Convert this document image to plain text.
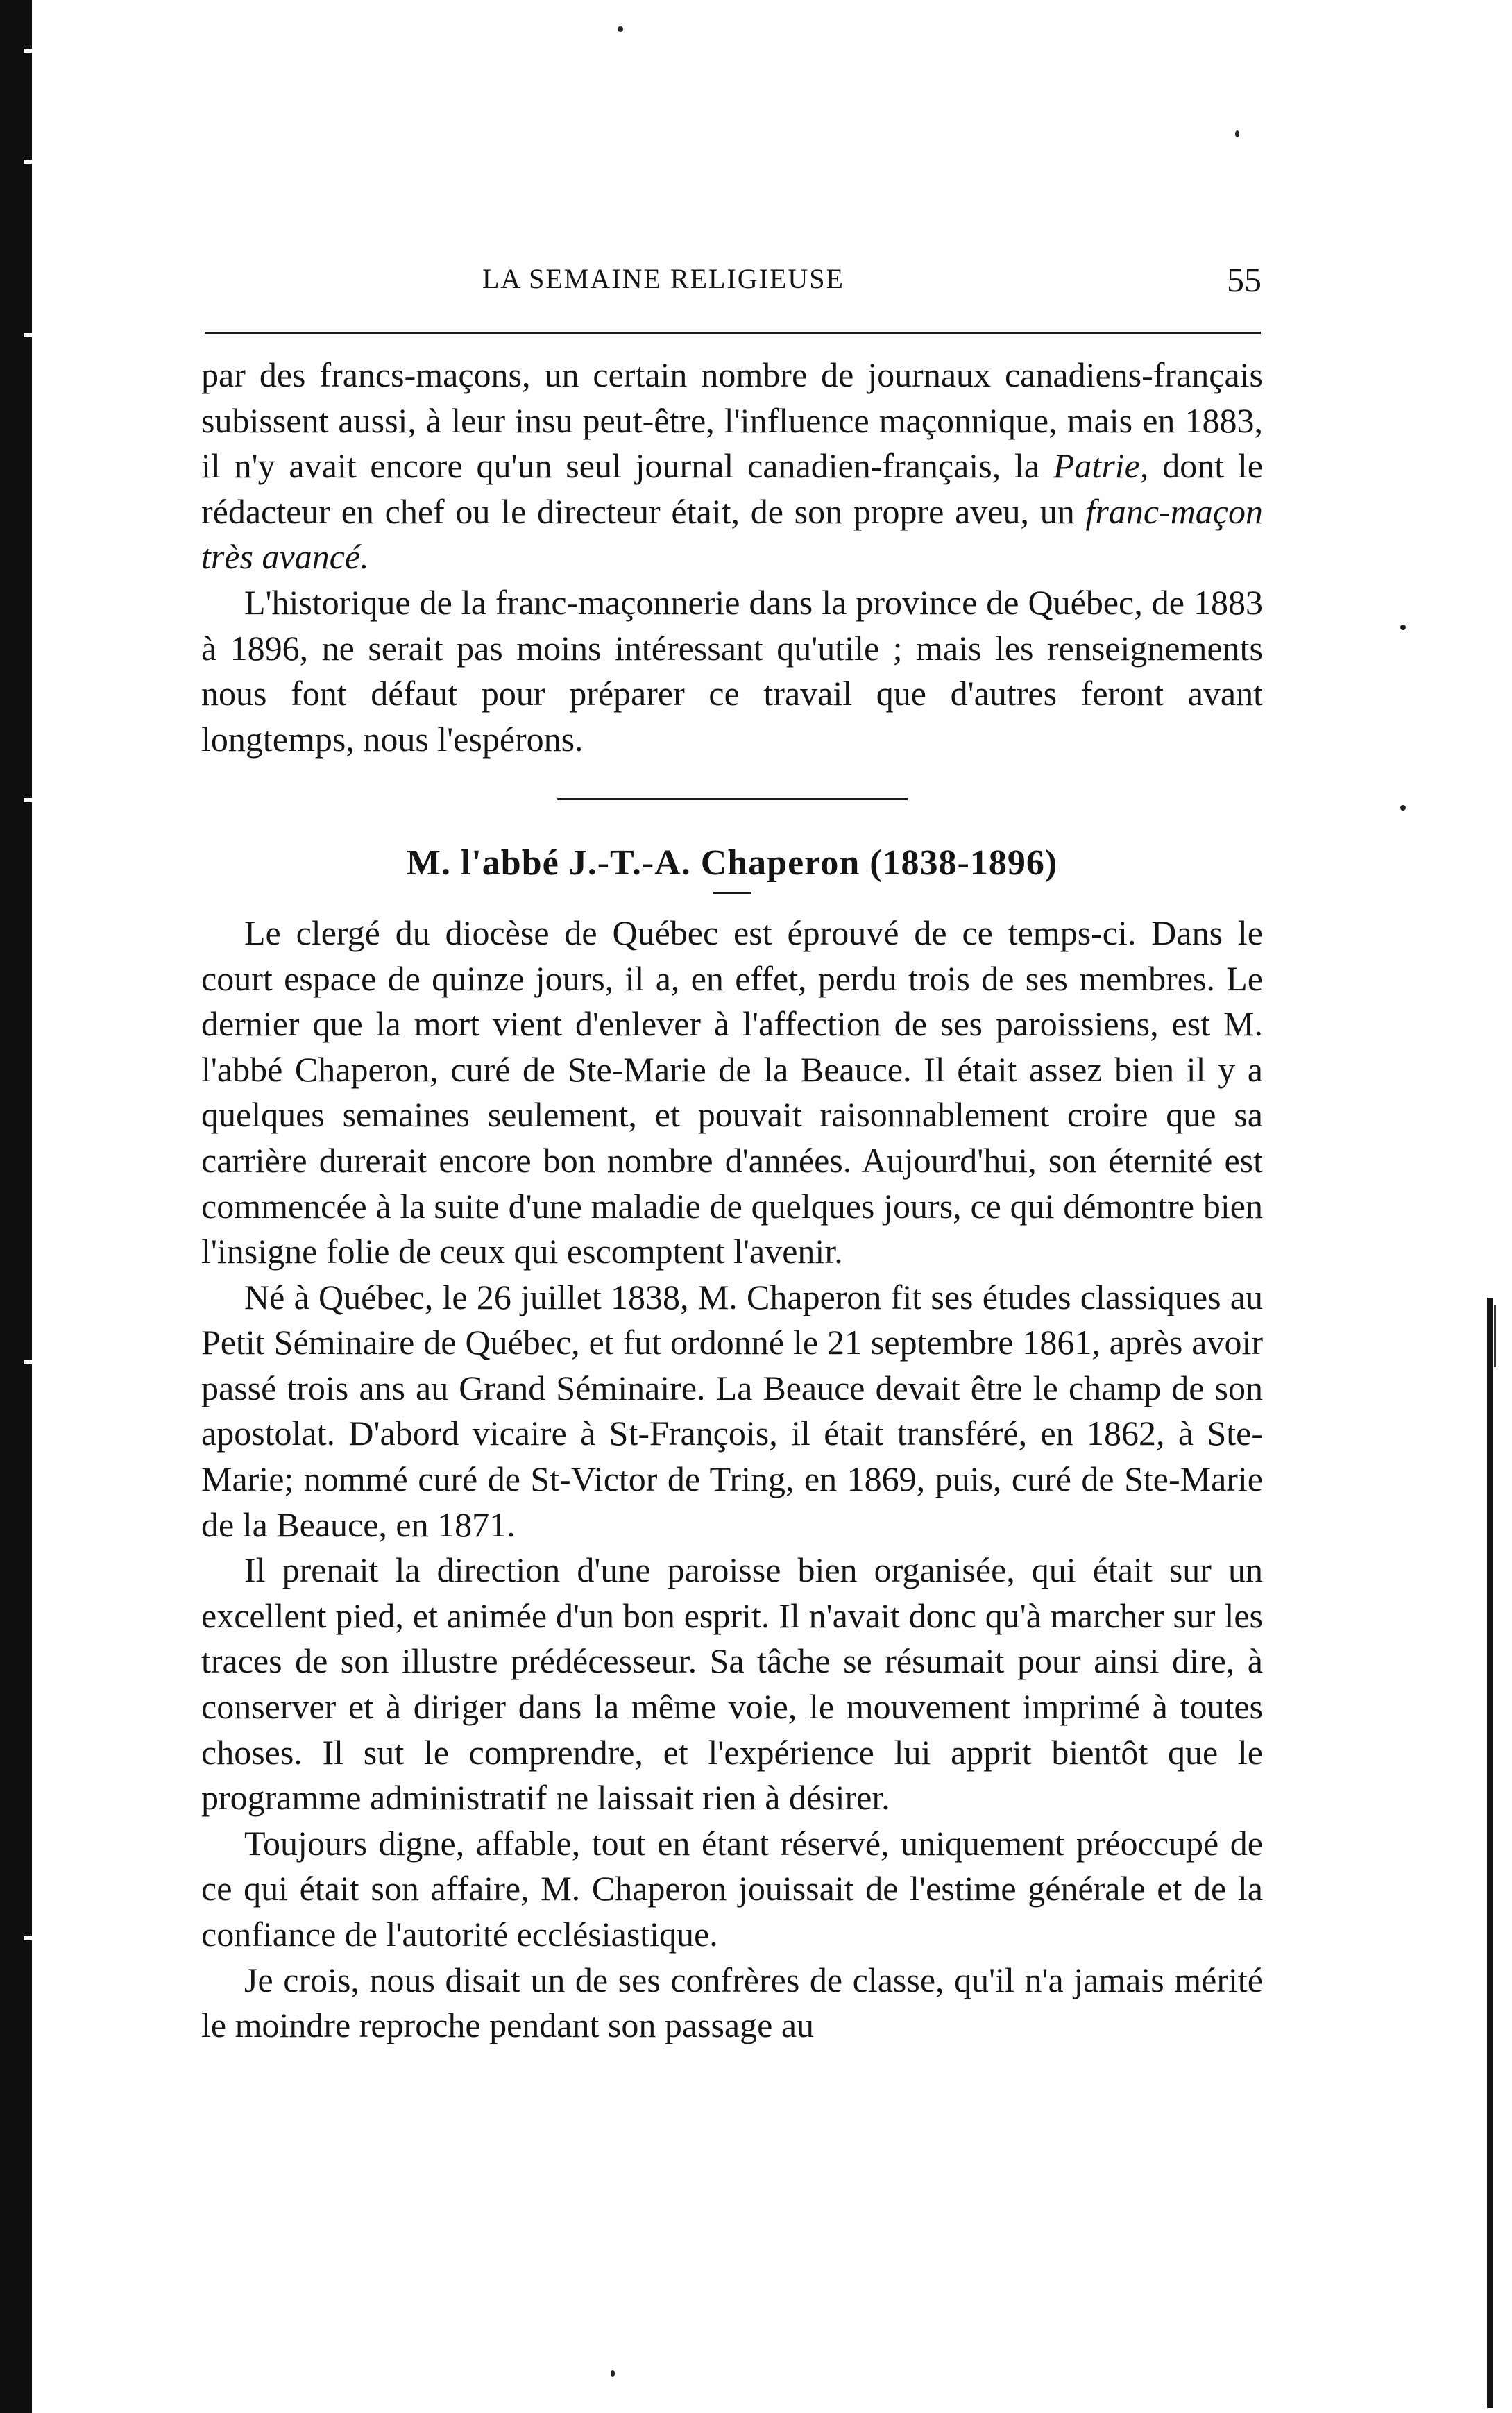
LA SEMAINE RELIGIEUSE	55

par des francs-maçons, un certain nombre de journaux canadiens-français subissent aussi, à leur insu peut-être, l'influence maçonnique, mais en 1883, il n'y avait encore qu'un seul journal canadien-français, la Patrie, dont le rédacteur en chef ou le directeur était, de son propre aveu, un franc-maçon très avancé.

L'historique de la franc-maçonnerie dans la province de Québec, de 1883 à 1896, ne serait pas moins intéressant qu'utile ; mais les renseignements nous font défaut pour préparer ce travail que d'autres feront avant longtemps, nous l'espérons.

M. l'abbé J.-T.-A. Chaperon (1838-1896)

Le clergé du diocèse de Québec est éprouvé de ce temps-ci. Dans le court espace de quinze jours, il a, en effet, perdu trois de ses membres. Le dernier que la mort vient d'enlever à l'affection de ses paroissiens, est M. l'abbé Chaperon, curé de Ste-Marie de la Beauce. Il était assez bien il y a quelques semaines seulement, et pouvait raisonnablement croire que sa carrière durerait encore bon nombre d'années. Aujourd'hui, son éternité est commencée à la suite d'une maladie de quelques jours, ce qui démontre bien l'insigne folie de ceux qui escomptent l'avenir.

Né à Québec, le 26 juillet 1838, M. Chaperon fit ses études classiques au Petit Séminaire de Québec, et fut ordonné le 21 septembre 1861, après avoir passé trois ans au Grand Séminaire. La Beauce devait être le champ de son apostolat. D'abord vicaire à St-François, il était transféré, en 1862, à Ste-Marie; nommé curé de St-Victor de Tring, en 1869, puis, curé de Ste-Marie de la Beauce, en 1871.

Il prenait la direction d'une paroisse bien organisée, qui était sur un excellent pied, et animée d'un bon esprit. Il n'avait donc qu'à marcher sur les traces de son illustre prédécesseur. Sa tâche se résumait pour ainsi dire, à conserver et à diriger dans la même voie, le mouvement imprimé à toutes choses. Il sut le comprendre, et l'expérience lui apprit bientôt que le programme administratif ne laissait rien à désirer.

Toujours digne, affable, tout en étant réservé, uniquement préoccupé de ce qui était son affaire, M. Chaperon jouissait de l'estime générale et de la confiance de l'autorité ecclésiastique.

Je crois, nous disait un de ses confrères de classe, qu'il n'a jamais mérité le moindre reproche pendant son passage au
